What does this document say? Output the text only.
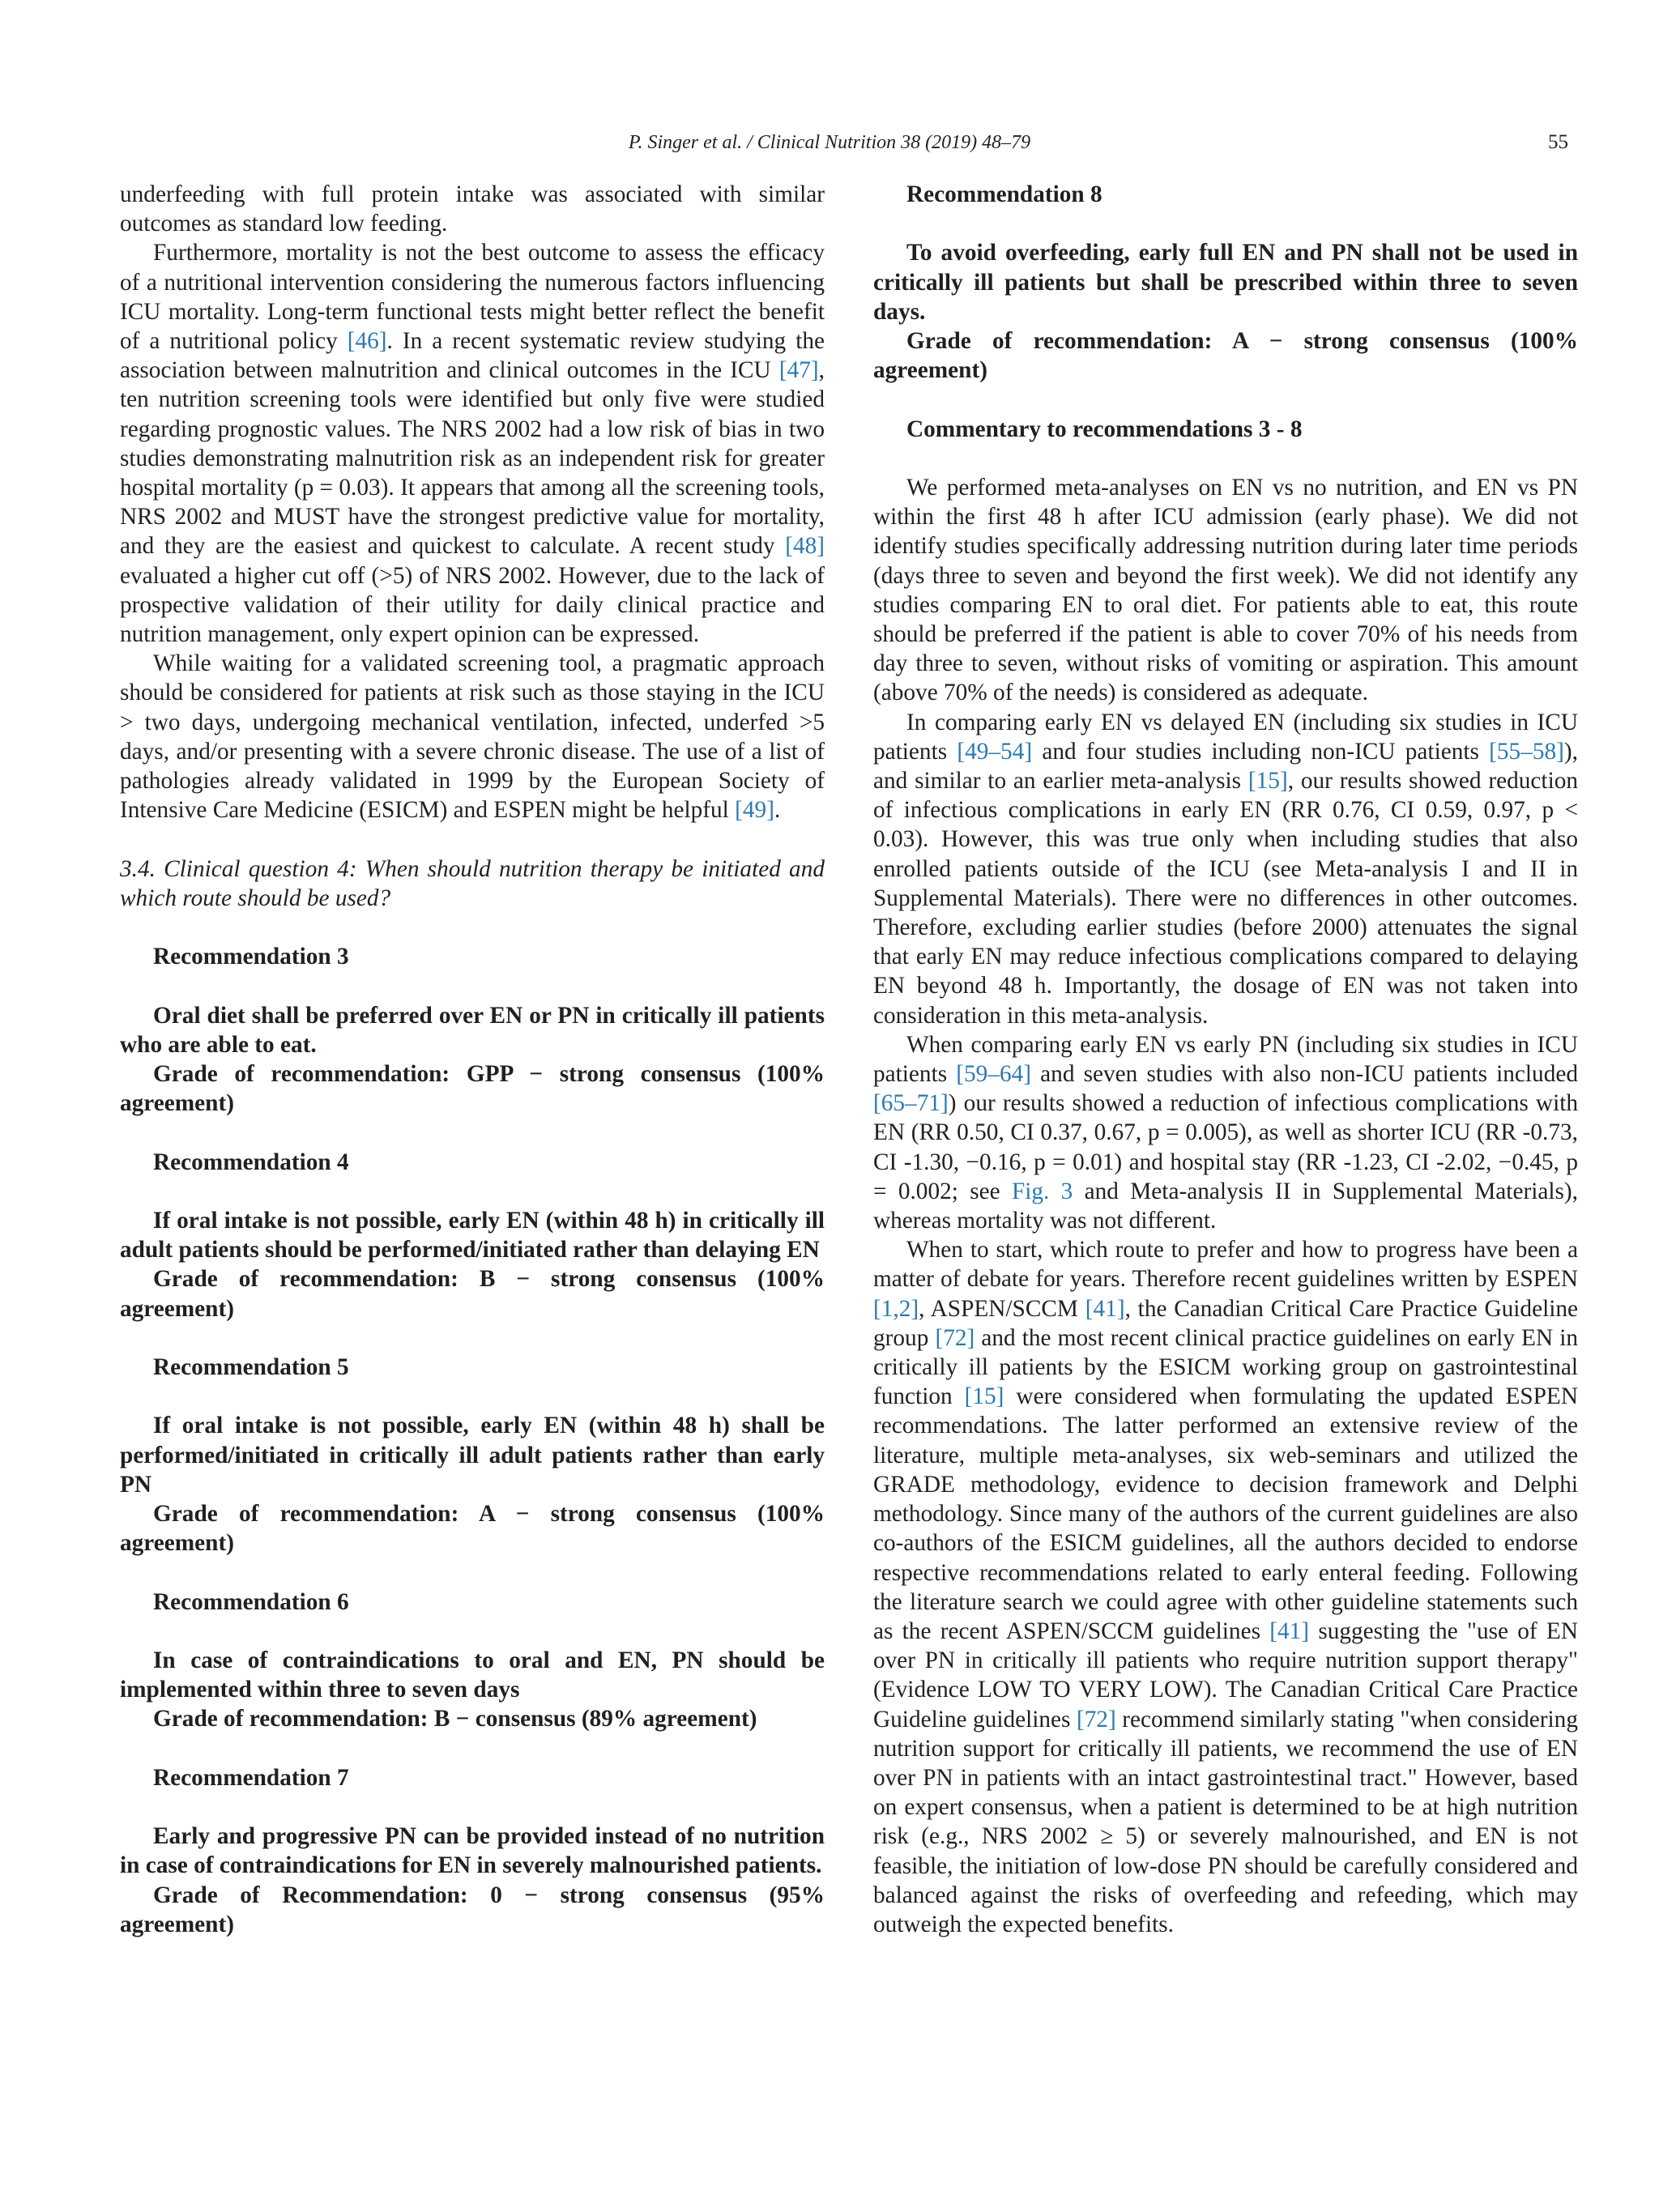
P. Singer et al. / Clinical Nutrition 38 (2019) 48–79	55

underfeeding with full protein intake was associated with similar outcomes as standard low feeding.

Furthermore, mortality is not the best outcome to assess the efficacy of a nutritional intervention considering the numerous factors influencing ICU mortality. Long-term functional tests might better reflect the benefit of a nutritional policy [46]. In a recent systematic review studying the association between malnutrition and clinical outcomes in the ICU [47], ten nutrition screening tools were identified but only five were studied regarding prognostic values. The NRS 2002 had a low risk of bias in two studies demonstrating malnutrition risk as an independent risk for greater hospital mortality (p = 0.03). It appears that among all the screening tools, NRS 2002 and MUST have the strongest predictive value for mortality, and they are the easiest and quickest to calculate. A recent study [48] evaluated a higher cut off (>5) of NRS 2002. However, due to the lack of prospective validation of their utility for daily clinical practice and nutrition management, only expert opinion can be expressed.

While waiting for a validated screening tool, a pragmatic approach should be considered for patients at risk such as those staying in the ICU > two days, undergoing mechanical ventilation, infected, underfed >5 days, and/or presenting with a severe chronic disease. The use of a list of pathologies already validated in 1999 by the European Society of Intensive Care Medicine (ESICM) and ESPEN might be helpful [49].

3.4. Clinical question 4: When should nutrition therapy be initiated and which route should be used?

Recommendation 3

Oral diet shall be preferred over EN or PN in critically ill patients who are able to eat.

Grade of recommendation: GPP − strong consensus (100% agreement)

Recommendation 4

If oral intake is not possible, early EN (within 48 h) in critically ill adult patients should be performed/initiated rather than delaying EN

Grade of recommendation: B − strong consensus (100% agreement)

Recommendation 5

If oral intake is not possible, early EN (within 48 h) shall be performed/initiated in critically ill adult patients rather than early PN

Grade of recommendation: A − strong consensus (100% agreement)

Recommendation 6

In case of contraindications to oral and EN, PN should be implemented within three to seven days

Grade of recommendation: B − consensus (89% agreement)

Recommendation 7

Early and progressive PN can be provided instead of no nutrition in case of contraindications for EN in severely malnourished patients.

Grade of Recommendation: 0 − strong consensus (95% agreement)

Recommendation 8

To avoid overfeeding, early full EN and PN shall not be used in critically ill patients but shall be prescribed within three to seven days.

Grade of recommendation: A − strong consensus (100% agreement)

Commentary to recommendations 3 - 8

We performed meta-analyses on EN vs no nutrition, and EN vs PN within the first 48 h after ICU admission (early phase). We did not identify studies specifically addressing nutrition during later time periods (days three to seven and beyond the first week). We did not identify any studies comparing EN to oral diet. For patients able to eat, this route should be preferred if the patient is able to cover 70% of his needs from day three to seven, without risks of vomiting or aspiration. This amount (above 70% of the needs) is considered as adequate.

In comparing early EN vs delayed EN (including six studies in ICU patients [49–54] and four studies including non-ICU patients [55–58]), and similar to an earlier meta-analysis [15], our results showed reduction of infectious complications in early EN (RR 0.76, CI 0.59, 0.97, p < 0.03). However, this was true only when including studies that also enrolled patients outside of the ICU (see Meta-analysis I and II in Supplemental Materials). There were no differences in other outcomes. Therefore, excluding earlier studies (before 2000) attenuates the signal that early EN may reduce infectious complications compared to delaying EN beyond 48 h. Importantly, the dosage of EN was not taken into consideration in this meta-analysis.

When comparing early EN vs early PN (including six studies in ICU patients [59–64] and seven studies with also non-ICU patients included [65–71]) our results showed a reduction of infectious complications with EN (RR 0.50, CI 0.37, 0.67, p = 0.005), as well as shorter ICU (RR -0.73, CI -1.30, −0.16, p = 0.01) and hospital stay (RR -1.23, CI -2.02, −0.45, p = 0.002; see Fig. 3 and Meta-analysis II in Supplemental Materials), whereas mortality was not different.

When to start, which route to prefer and how to progress have been a matter of debate for years. Therefore recent guidelines written by ESPEN [1,2], ASPEN/SCCM [41], the Canadian Critical Care Practice Guideline group [72] and the most recent clinical practice guidelines on early EN in critically ill patients by the ESICM working group on gastrointestinal function [15] were considered when formulating the updated ESPEN recommendations. The latter performed an extensive review of the literature, multiple meta-analyses, six web-seminars and utilized the GRADE methodology, evidence to decision framework and Delphi methodology. Since many of the authors of the current guidelines are also co-authors of the ESICM guidelines, all the authors decided to endorse respective recommendations related to early enteral feeding. Following the literature search we could agree with other guideline statements such as the recent ASPEN/SCCM guidelines [41] suggesting the "use of EN over PN in critically ill patients who require nutrition support therapy" (Evidence LOW TO VERY LOW). The Canadian Critical Care Practice Guideline guidelines [72] recommend similarly stating "when considering nutrition support for critically ill patients, we recommend the use of EN over PN in patients with an intact gastrointestinal tract." However, based on expert consensus, when a patient is determined to be at high nutrition risk (e.g., NRS 2002 ≥ 5) or severely malnourished, and EN is not feasible, the initiation of low-dose PN should be carefully considered and balanced against the risks of overfeeding and refeeding, which may outweigh the expected benefits.
